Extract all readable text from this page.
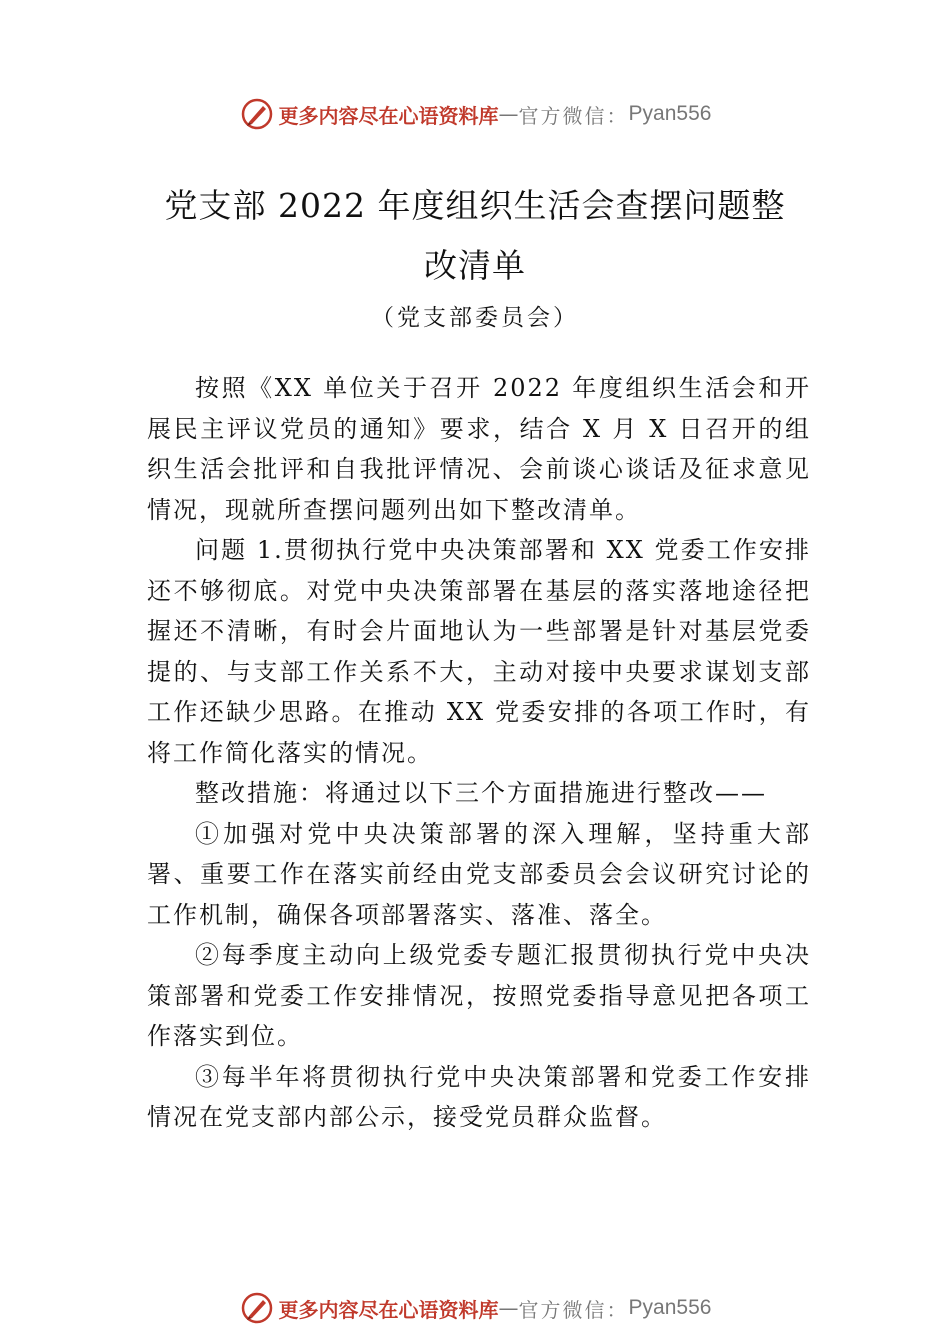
更多内容尽在心语资料库 — 官方微信： Pyan556
党支部 2022 年度组织生活会查摆问题整
改清单

（党支部委员会）

按照《XX 单位关于召开 2022 年度组织生活会和开展民主评议党员的通知》要求，结合 X 月 X 日召开的组织生活会批评和自我批评情况、会前谈心谈话及征求意见情况，现就所查摆问题列出如下整改清单。

问题 1.贯彻执行党中央决策部署和 XX 党委工作安排还不够彻底。对党中央决策部署在基层的落实落地途径把握还不清晰，有时会片面地认为一些部署是针对基层党委提的、与支部工作关系不大，主动对接中央要求谋划支部工作还缺少思路。在推动 XX 党委安排的各项工作时，有将工作简化落实的情况。

整改措施：将通过以下三个方面措施进行整改——

①加强对党中央决策部署的深入理解，坚持重大部署、重要工作在落实前经由党支部委员会会议研究讨论的工作机制，确保各项部署落实、落准、落全。

②每季度主动向上级党委专题汇报贯彻执行党中央决策部署和党委工作安排情况，按照党委指导意见把各项工作落实到位。

③每半年将贯彻执行党中央决策部署和党委工作安排情况在党支部内部公示，接受党员群众监督。

更多内容尽在心语资料库 — 官方微信： Pyan556
